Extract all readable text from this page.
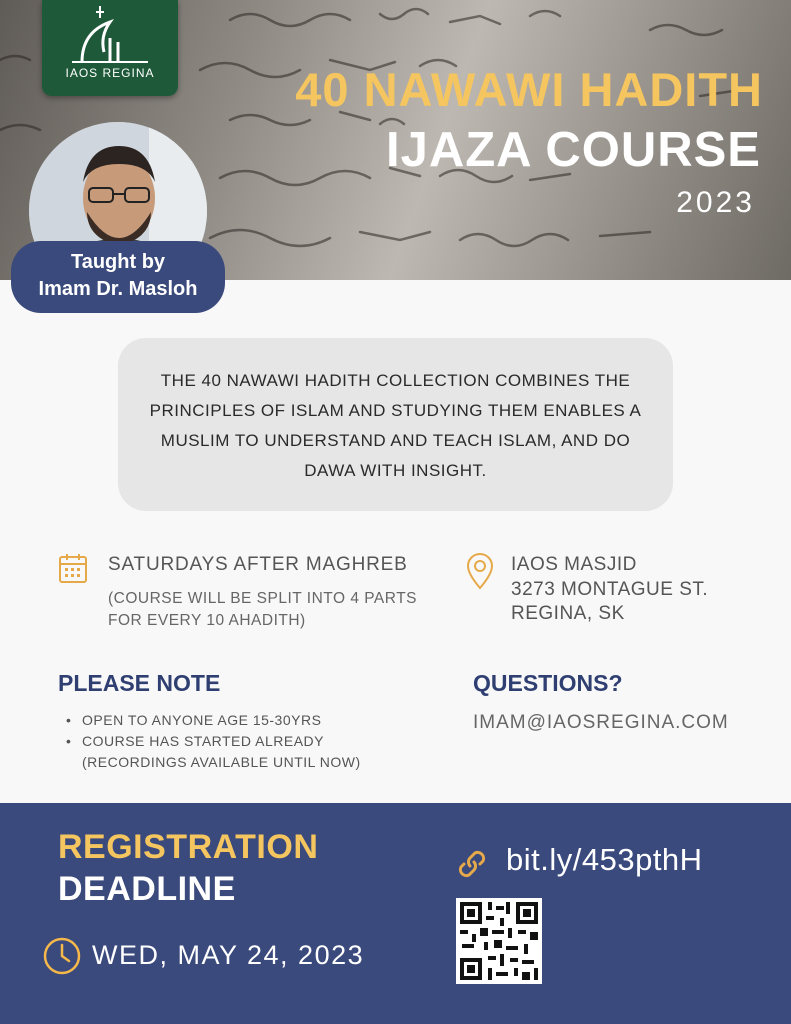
IAOS REGINA	40 NAWAWI HADITH
IJAZA COURSE
2023
Taught by
Imam Dr. Masloh
THE 40 NAWAWI HADITH COLLECTION COMBINES THE PRINCIPLES OF ISLAM AND STUDYING THEM ENABLES A MUSLIM TO UNDERSTAND AND TEACH ISLAM, AND DO DAWA WITH INSIGHT.
SATURDAYS AFTER MAGHREB
(COURSE WILL BE SPLIT INTO 4 PARTS
FOR EVERY 10 AHADITH)
IAOS MASJID
3273 MONTAGUE ST.
REGINA, SK
PLEASE NOTE
• OPEN TO ANYONE AGE 15-30YRS
• COURSE HAS STARTED ALREADY
(RECORDINGS AVAILABLE UNTIL NOW)
QUESTIONS?
IMAM@IAOSREGINA.COM
REGISTRATION
DEADLINE
WED, MAY 24, 2023
bit.ly/453pthH
